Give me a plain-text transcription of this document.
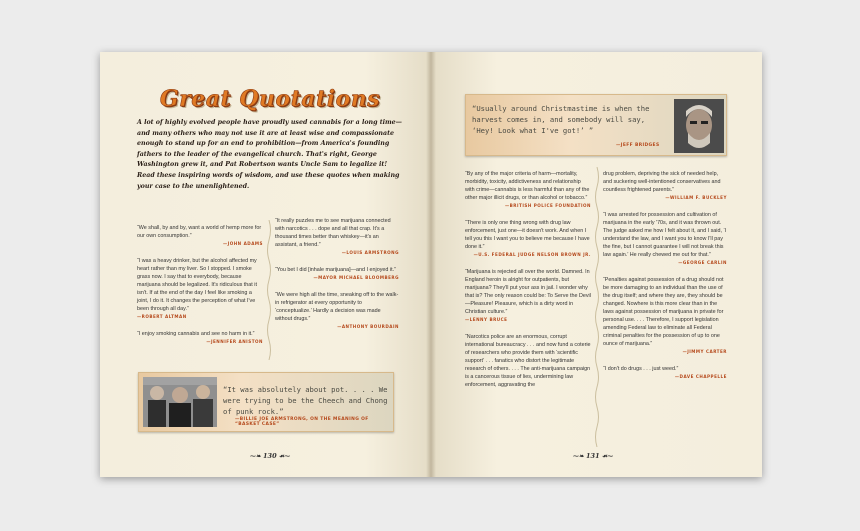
Great Quotations
A lot of highly evolved people have proudly used cannabis for a long time—and many others who may not use it are at least wise and compassionate enough to stand up for an end to prohibition—from America's founding fathers to the leader of the evangelical church. That's right, George Washington grew it, and Pat Robertson wants Uncle Sam to legalize it! Read these inspiring words of wisdom, and use these quotes when making your case to the unenlightened.

“We shall, by and by, want a world of hemp more for our own consumption.”

—JOHN ADAMS

“I was a heavy drinker, but the alcohol affected my heart rather than my liver. So I stopped. I smoke grass now. I say that to everybody, because marijuana should be legalized. It's ridiculous that it isn't. If at the end of the day I feel like smoking a joint, I do it. It changes the perception of what I've been through all day.”

—ROBERT ALTMAN

“I enjoy smoking cannabis and see no harm in it.”

—JENNIFER ANISTON

“It really puzzles me to see marijuana connected with narcotics . . . dope and all that crap. It's a thousand times better than whiskey—it's an assistant, a friend.”

—LOUIS ARMSTRONG

“You bet I did [inhale marijuana]—and I enjoyed it.”

—MAYOR MICHAEL BLOOMBERG

“We were high all the time, sneaking off to the walk-in refrigerator at every opportunity to ‘conceptualize.’ Hardly a decision was made without drugs.”

—ANTHONY BOURDAIN
“It was absolutely about pot. . . . We were trying to be the Cheech and Chong of punk rock.”
—BILLIE JOE ARMSTRONG, ON THE MEANING OF “BASKET CASE”
⁓❧ 130 ☙⁓
“Usually around Christmastime is when the harvest comes in, and somebody will say, ‘Hey! Look what I've got!’ ”
—JEFF BRIDGES

“By any of the major criteria of harm—mortality, morbidity, toxicity, addictiveness and relationship with crime—cannabis is less harmful than any of the other major illicit drugs, or than alcohol or tobacco.”

—BRITISH POLICE FOUNDATION

“There is only one thing wrong with drug law enforcement, just one—it doesn't work. And when I tell you this I want you to believe me because I have done it.”

—U.S. FEDERAL JUDGE NELSON BROWN JR.

“Marijuana is rejected all over the world. Damned. In England heroin is alright for outpatients, but marijuana? They'll put your ass in jail. I wonder why that is? The only reason could be: To Serve the Devil—Pleasure! Pleasure, which is a dirty word in Christian culture.”

—LENNY BRUCE

“Narcotics police are an enormous, corrupt international bureaucracy . . . and now fund a coterie of researchers who provide them with ‘scientific support’ . . . fanatics who distort the legitimate research of others. . . . The anti-marijuana campaign is a cancerous tissue of lies, undermining law enforcement, aggravating the

drug problem, depriving the sick of needed help, and suckering well-intentioned conservatives and countless frightened parents.”

—WILLIAM F. BUCKLEY

“I was arrested for possession and cultivation of marijuana in the early '70s, and it was thrown out. The judge asked me how I felt about it, and I said, ‘I understand the law, and I want you to know I'll pay the fine, but I cannot guarantee I will not break this law again.’ He really chewed me out for that.”

—GEORGE CARLIN

“Penalties against possession of a drug should not be more damaging to an individual than the use of the drug itself; and where they are, they should be changed. Nowhere is this more clear than in the laws against possession of marijuana in private for personal use. . . . Therefore, I support legislation amending Federal law to eliminate all Federal criminal penalties for the possession of up to one ounce of marijuana.”

—JIMMY CARTER

“I don't do drugs . . . just weed.”

—DAVE CHAPPELLE
⁓❧ 131 ☙⁓
